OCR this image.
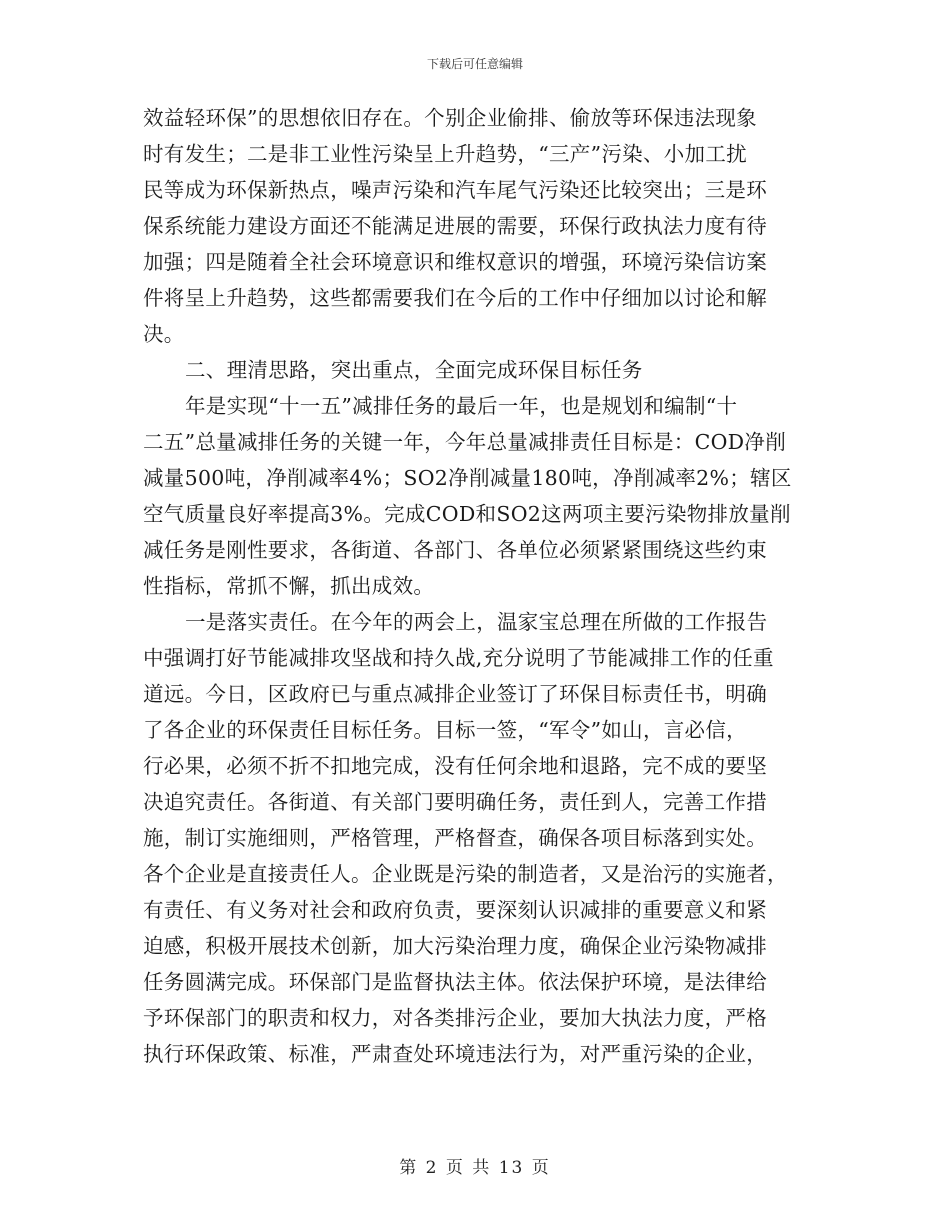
下载后可任意编辑
效益轻环保”的思想依旧存在。个别企业偷排、偷放等环保违法现象
时有发生；二是非工业性污染呈上升趋势，“三产”污染、小加工扰
民等成为环保新热点，噪声污染和汽车尾气污染还比较突出；三是环
保系统能力建设方面还不能满足进展的需要，环保行政执法力度有待
加强；四是随着全社会环境意识和维权意识的增强，环境污染信访案
件将呈上升趋势，这些都需要我们在今后的工作中仔细加以讨论和解
决。
二、理清思路，突出重点，全面完成环保目标任务
年是实现“十一五”减排任务的最后一年，也是规划和编制“十
二五”总量减排任务的关键一年，今年总量减排责任目标是：COD净削
减量500吨，净削减率4%；SO2净削减量180吨，净削减率2%；辖区
空气质量良好率提高3%。完成COD和SO2这两项主要污染物排放量削
减任务是刚性要求，各街道、各部门、各单位必须紧紧围绕这些约束
性指标，常抓不懈，抓出成效。
一是落实责任。在今年的两会上，温家宝总理在所做的工作报告
中强调打好节能减排攻坚战和持久战,充分说明了节能减排工作的任重
道远。今日，区政府已与重点减排企业签订了环保目标责任书，明确
了各企业的环保责任目标任务。目标一签，“军令”如山，言必信，
行必果，必须不折不扣地完成，没有任何余地和退路，完不成的要坚
决追究责任。各街道、有关部门要明确任务，责任到人，完善工作措
施，制订实施细则，严格管理，严格督查，确保各项目标落到实处。
各个企业是直接责任人。企业既是污染的制造者，又是治污的实施者，
有责任、有义务对社会和政府负责，要深刻认识减排的重要意义和紧
迫感，积极开展技术创新，加大污染治理力度，确保企业污染物减排
任务圆满完成。环保部门是监督执法主体。依法保护环境，是法律给
予环保部门的职责和权力，对各类排污企业，要加大执法力度，严格
执行环保政策、标准，严肃查处环境违法行为，对严重污染的企业，
第 2 页 共 13 页
